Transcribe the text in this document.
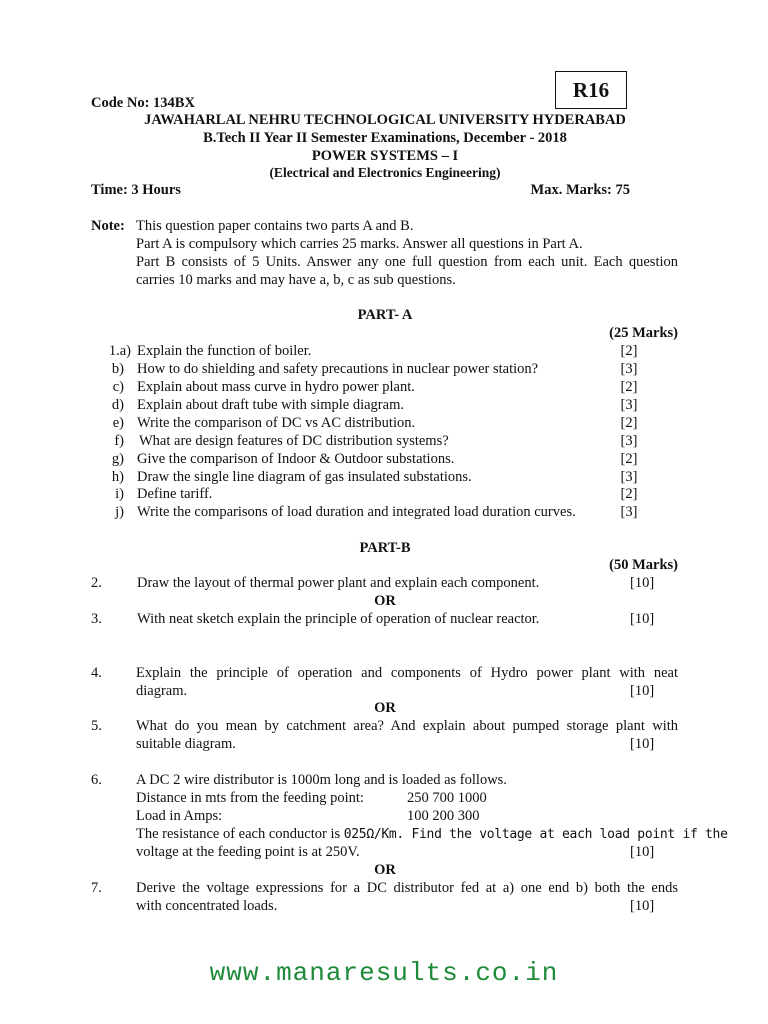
R16
Code No: 134BX
JAWAHARLAL NEHRU TECHNOLOGICAL UNIVERSITY HYDERABAD
B.Tech II Year II Semester Examinations, December - 2018
POWER SYSTEMS – I
(Electrical and Electronics Engineering)
Time: 3 Hours	Max. Marks: 75
Note: This question paper contains two parts A and B.
Part A is compulsory which carries 25 marks. Answer all questions in Part A.
Part B consists of 5 Units. Answer any one full question from each unit. Each question
carries 10 marks and may have a, b, c as sub questions.
PART- A
(25 Marks)
1.a) Explain the function of boiler.	[2]
b) How to do shielding and safety precautions in nuclear power station?	[3]
c) Explain about mass curve in hydro power plant.	[2]
d) Explain about draft tube with simple diagram.	[3]
e) Write the comparison of DC vs AC distribution.	[2]
f) What are design features of DC distribution systems?	[3]
g) Give the comparison of Indoor & Outdoor substations.	[2]
h) Draw the single line diagram of gas insulated substations.	[3]
i) Define tariff.	[2]
j) Write the comparisons of load duration and integrated load duration curves.	[3]
PART-B
(50 Marks)
2. Draw the layout of thermal power plant and explain each component.	[10]
OR
3. With neat sketch explain the principle of operation of nuclear reactor.	[10]
4. Explain the principle of operation and components of Hydro power plant with neat
diagram.	[10]
OR
5. What do you mean by catchment area? And explain about pumped storage plant with
suitable diagram.	[10]
6. A DC 2 wire distributor is 1000m long and is loaded as follows.
Distance in mts from the feeding point:	250 700 1000
Load in Amps:	100 200 300
The resistance of each conductor is 025Ω/Km. Find the voltage at each load point if the
voltage at the feeding point is at 250V.	[10]
OR
7. Derive the voltage expressions for a DC distributor fed at a) one end b) both the ends
with concentrated loads.	[10]
www.manaresults.co.in
